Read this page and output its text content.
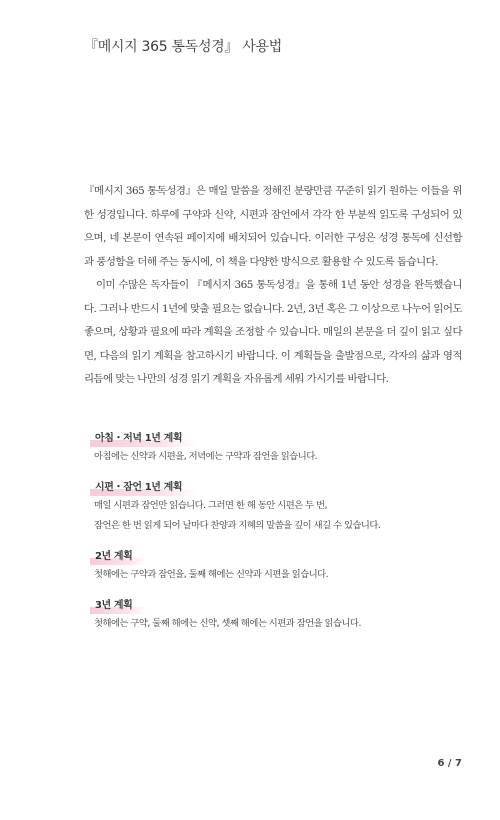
『메시지 365 통독성경』 사용법

『메시지 365 통독성경』은 매일 말씀을 정해진 분량만큼 꾸준히 읽기 원하는 이들을 위한 성경입니다. 하루에 구약과 신약, 시편과 잠언에서 각각 한 부분씩 읽도록 구성되어 있으며, 네 본문이 연속된 페이지에 배치되어 있습니다. 이러한 구성은 성경 통독에 신선함과 풍성함을 더해 주는 동시에, 이 책을 다양한 방식으로 활용할 수 있도록 돕습니다.

이미 수많은 독자들이 『메시지 365 통독성경』을 통해 1년 동안 성경을 완독했습니다. 그러나 반드시 1년에 맞출 필요는 없습니다. 2년, 3년 혹은 그 이상으로 나누어 읽어도 좋으며, 상황과 필요에 따라 계획을 조정할 수 있습니다. 매일의 본문을 더 깊이 읽고 싶다면, 다음의 읽기 계획을 참고하시기 바랍니다. 이 계획들을 출발점으로, 각자의 삶과 영적 리듬에 맞는 나만의 성경 읽기 계획을 자유롭게 세워 가시기를 바랍니다.

아침・저녁 1년 계획
아침에는 신약과 시편을, 저녁에는 구약과 잠언을 읽습니다.
시편・잠언 1년 계획
매일 시편과 잠언만 읽습니다. 그러면 한 해 동안 시편은 두 번,
잠언은 한 번 읽게 되어 날마다 찬양과 지혜의 말씀을 깊이 새길 수 있습니다.
2년 계획
첫해에는 구약과 잠언을, 둘째 해에는 신약과 시편을 읽습니다.
3년 계획
첫해에는 구약, 둘째 해에는 신약, 셋째 해에는 시편과 잠언을 읽습니다.
6 / 7
